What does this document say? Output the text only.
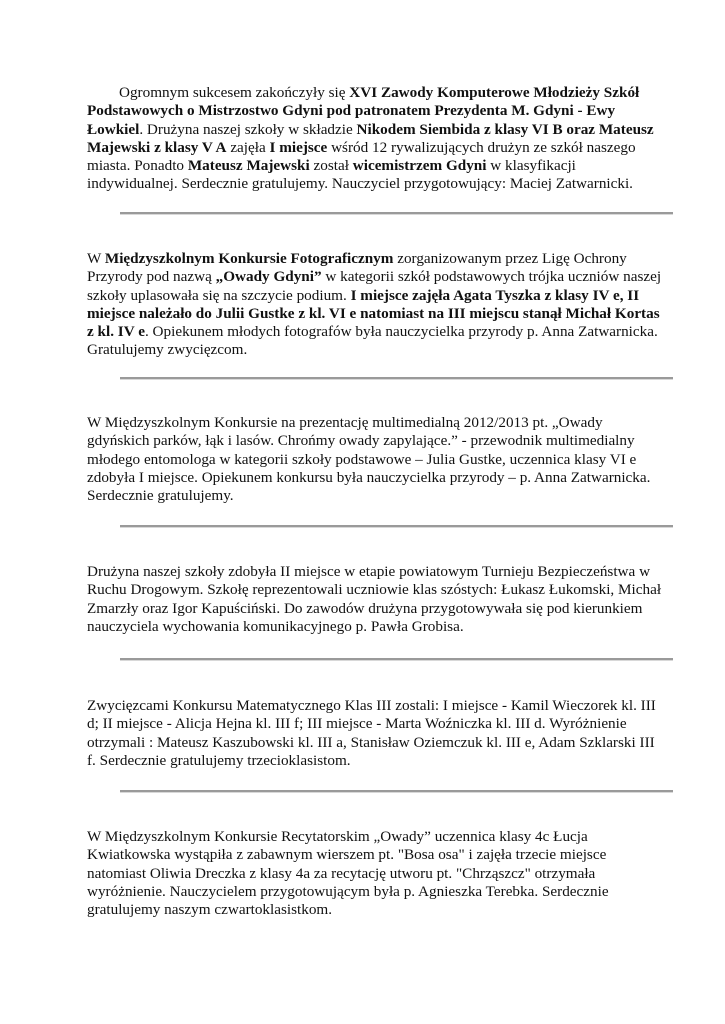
Ogromnym sukcesem zakończyły się XVI Zawody Komputerowe Młodzieży Szkół
Podstawowych o Mistrzostwo Gdyni pod patronatem Prezydenta M. Gdyni - Ewy
Łowkiel. Drużyna naszej szkoły w składzie Nikodem Siembida z klasy VI B oraz Mateusz
Majewski z klasy V A zajęła I miejsce wśród 12 rywalizujących drużyn ze szkół naszego
miasta. Ponadto Mateusz Majewski został wicemistrzem Gdyni w klasyfikacji
indywidualnej. Serdecznie gratulujemy. Nauczyciel przygotowujący: Maciej Zatwarnicki.
W Międzyszkolnym Konkursie Fotograficznym zorganizowanym przez Ligę Ochrony
Przyrody pod nazwą „Owady Gdyni” w kategorii szkół podstawowych trójka uczniów naszej
szkoły uplasowała się na szczycie podium. I miejsce zajęła Agata Tyszka z klasy IV e, II
miejsce należało do Julii Gustke z kl. VI e natomiast na III miejscu stanął Michał Kortas
z kl. IV e. Opiekunem młodych fotografów była nauczycielka przyrody p. Anna Zatwarnicka.
Gratulujemy zwycięzcom.
W Międzyszkolnym Konkursie na prezentację multimedialną 2012/2013 pt. „Owady
gdyńskich parków, łąk i lasów. Chrońmy owady zapylające.” - przewodnik multimedialny
młodego entomologa w kategorii szkoły podstawowe – Julia Gustke, uczennica klasy VI e
zdobyła I miejsce. Opiekunem konkursu była nauczycielka przyrody – p. Anna Zatwarnicka.
Serdecznie gratulujemy.
Drużyna naszej szkoły zdobyła II miejsce w etapie powiatowym Turnieju Bezpieczeństwa w
Ruchu Drogowym. Szkołę reprezentowali uczniowie klas szóstych: Łukasz Łukomski, Michał
Zmarzły oraz Igor Kapuściński. Do zawodów drużyna przygotowywała się pod kierunkiem
nauczyciela wychowania komunikacyjnego p. Pawła Grobisa.
Zwycięzcami Konkursu Matematycznego Klas III zostali: I miejsce - Kamil Wieczorek kl. III
d; II miejsce - Alicja Hejna kl. III f; III miejsce - Marta Woźniczka kl. III d. Wyróżnienie
otrzymali : Mateusz Kaszubowski kl. III a, Stanisław Oziemczuk kl. III e, Adam Szklarski III
f. Serdecznie gratulujemy trzecioklasistom.
W Międzyszkolnym Konkursie Recytatorskim „Owady” uczennica klasy 4c Łucja
Kwiatkowska wystąpiła z zabawnym wierszem pt. "Bosa osa" i zajęła trzecie miejsce
natomiast Oliwia Dreczka z klasy 4a za recytację utworu pt. "Chrząszcz" otrzymała
wyróżnienie. Nauczycielem przygotowującym była p. Agnieszka Terebka. Serdecznie
gratulujemy naszym czwartoklasistkom.
